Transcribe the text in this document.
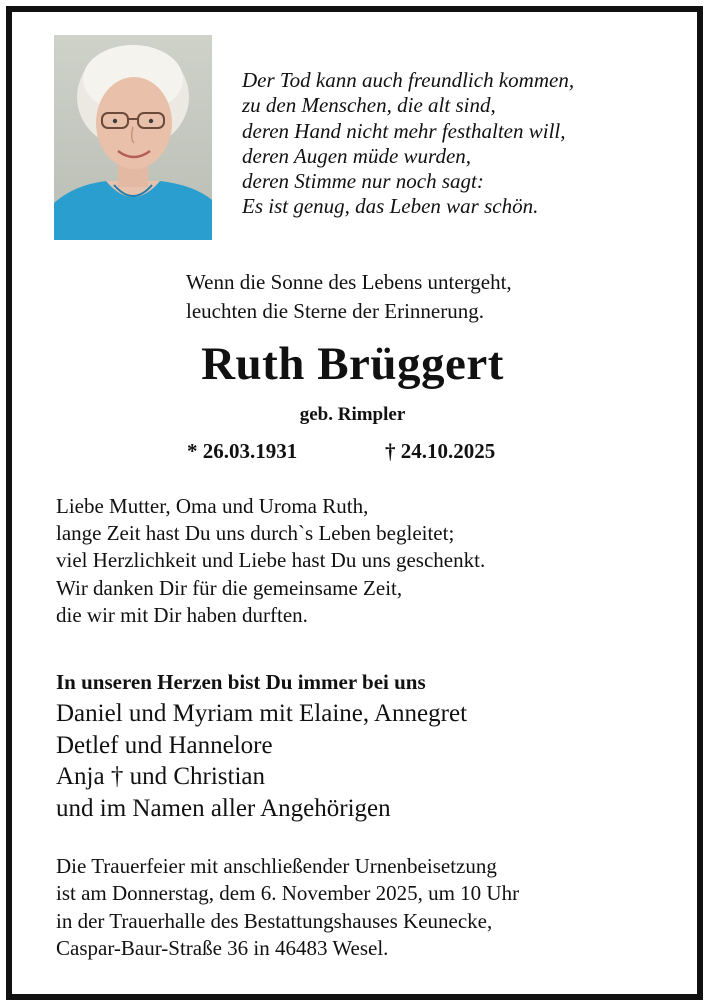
Der Tod kann auch freundlich kommen,
zu den Menschen, die alt sind,
deren Hand nicht mehr festhalten will,
deren Augen müde wurden,
deren Stimme nur noch sagt:
Es ist genug, das Leben war schön.
Wenn die Sonne des Lebens untergeht,
leuchten die Sterne der Erinnerung.
Ruth Brüggert
geb. Rimpler
* 26.03.1931	† 24.10.2025
Liebe Mutter, Oma und Uroma Ruth,
lange Zeit hast Du uns durch`s Leben begleitet;
viel Herzlichkeit und Liebe hast Du uns geschenkt.
Wir danken Dir für die gemeinsame Zeit,
die wir mit Dir haben durften.
In unseren Herzen bist Du immer bei uns
Daniel und Myriam mit Elaine, Annegret
Detlef und Hannelore
Anja † und Christian
und im Namen aller Angehörigen
Die Trauerfeier mit anschließender Urnenbeisetzung
ist am Donnerstag, dem 6. November 2025, um 10 Uhr
in der Trauerhalle des Bestattungshauses Keunecke,
Caspar-Baur-Straße 36 in 46483 Wesel.
